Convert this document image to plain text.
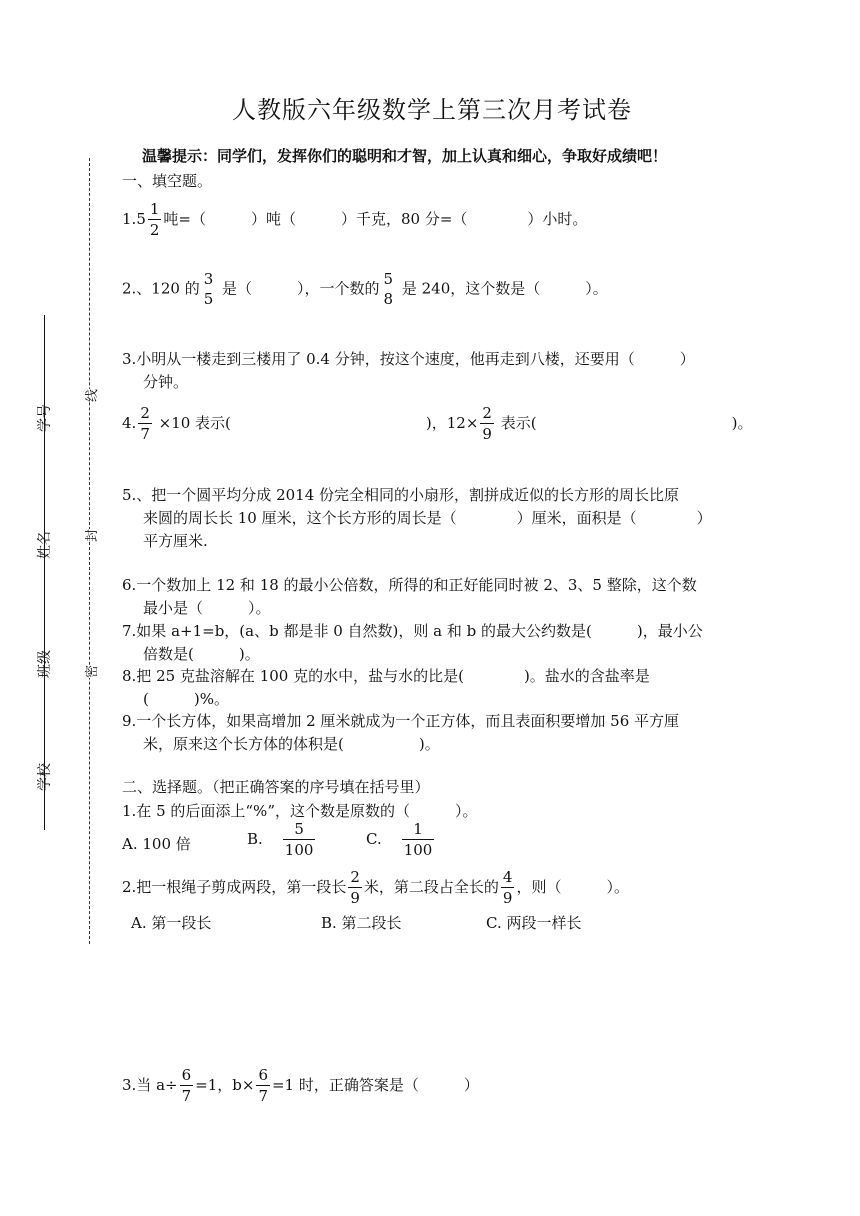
人教版六年级数学上第三次月考试卷
温馨提示：同学们，发挥你们的聪明和才智，加上认真和细心，争取好成绩吧！
学号
姓名
班级
学校
线
封
密
一、填空题。
$1.5 \frac{1}{2}$ 吨=（　　　）吨（　　　）千克，80 分=（　　　　）小时。
2.、120 的
3
5
是（　　　），一个数的
5
8
是 240，这个数是（　　　）。
3.小明从一楼走到三楼用了 0.4 分钟，按这个速度，他再走到八楼，还要用（　　　）
分钟。
4. $\frac{2}{7} \times 10$ 表示(　　　　　　　　　　　　　)，$12\times \frac{2}{9}$ 表示(　　　　　　　　　　　　　)。
5.、把一个圆平均分成 2014 份完全相同的小扇形，割拼成近似的长方形的周长比原
来圆的周长长 10 厘米，这个长方形的周长是（　　　　）厘米，面积是（　　　　）
平方厘米.
6.一个数加上 12 和 18 的最小公倍数，所得的和正好能同时被 2、3、5 整除，这个数
最小是（　　　）。
7.如果 a+1=b，(a、b 都是非 0 自然数)，则 a 和 b 的最大公约数是(　　　)，最小公
倍数是(　　　)。
8.把 25 克盐溶解在 100 克的水中，盐与水的比是(　　　　)。盐水的含盐率是
(　　　)%。
9.一个长方体，如果高增加 2 厘米就成为一个正方体，而且表面积要增加 56 平方厘
米，原来这个长方体的体积是(　　　　　)。
二、选择题。（把正确答案的序号填在括号里）
1.在 5 的后面添上“%”，这个数是原数的（　　　）。
A. 100 倍	B. $\frac{5}{100}$	C. $\frac{1}{100}$
2.把一根绳子剪成两段，第一段长 $\frac{2}{9}$ 米，第二段占全长的 $\frac{4}{9}$ ，则（　　　）。
A. 第一段长	B. 第二段长	C. 两段一样长
3.当 $a\div \frac{6}{7} =1$，$b\times \frac{6}{7} =1$ 时，正确答案是（　　　）
